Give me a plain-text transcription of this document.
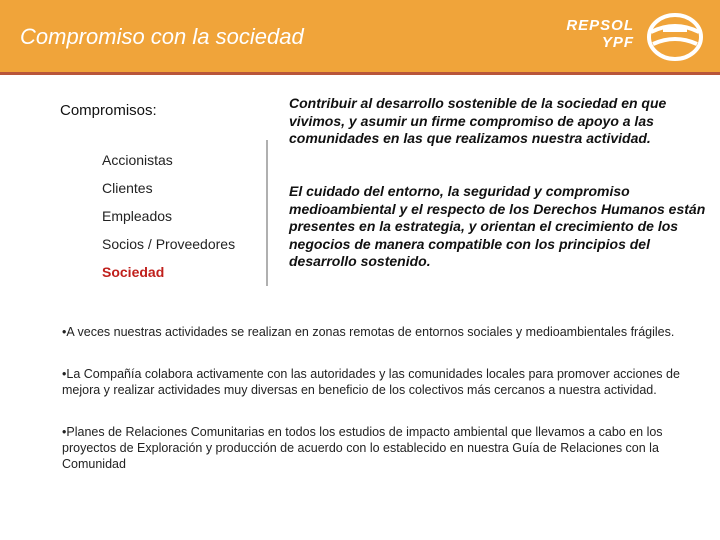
Compromiso con la sociedad	REPSOL
YPF
Compromisos:
Accionistas
Clientes
Empleados
Socios / Proveedores
Sociedad
Contribuir al desarrollo sostenible de la sociedad en que vivimos, y asumir un firme compromiso de apoyo a las comunidades en las que realizamos nuestra actividad.
El cuidado del entorno, la seguridad y compromiso medioambiental y el respecto de los Derechos Humanos están presentes en la estrategia, y orientan el crecimiento de los negocios de manera compatible con los principios del desarrollo sostenido.
•A veces nuestras actividades se realizan en zonas remotas de entornos sociales y medioambientales frágiles.
•La Compañía colabora activamente con las autoridades y las comunidades locales para promover acciones de mejora y realizar actividades muy diversas en beneficio de los colectivos más cercanos a nuestra actividad.
•Planes de Relaciones Comunitarias en todos los estudios de impacto ambiental que llevamos a cabo en los proyectos de Exploración y producción de acuerdo con lo establecido en nuestra Guía de Relaciones con la Comunidad
